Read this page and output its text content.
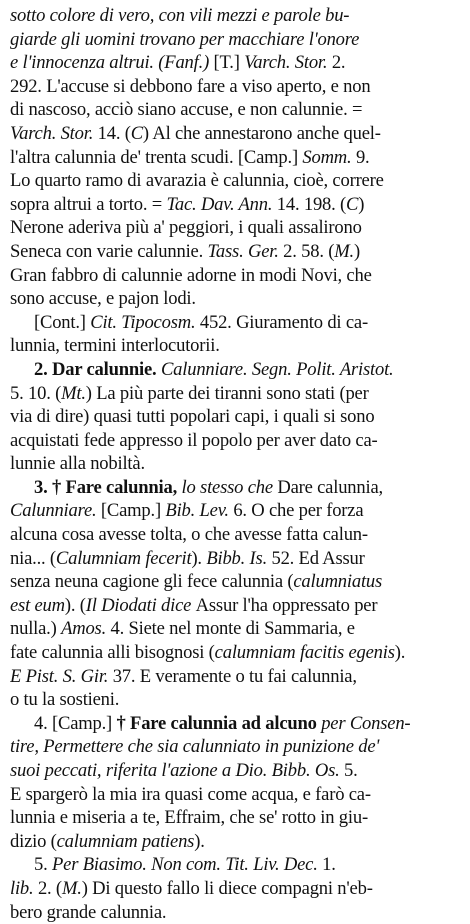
sotto colore di vero, con vili mezzi e parole bu-
giarde gli uomini trovano per macchiare l'onore
e l'innocenza altrui. (Fanf.) [T.] Varch. Stor. 2.
292. L'accuse si debbono fare a viso aperto, e non
di nascoso, acciò siano accuse, e non calunnie. =
Varch. Stor. 14. (C) Al che annestarono anche quel-
l'altra calunnia de' trenta scudi. [Camp.] Somm. 9.
Lo quarto ramo di avarazia è calunnia, cioè, correre
sopra altrui a torto. = Tac. Dav. Ann. 14. 198. (C)
Nerone aderiva più a' peggiori, i quali assalirono
Seneca con varie calunnie. Tass. Ger. 2. 58. (M.)
Gran fabbro di calunnie adorne in modi Novi, che
sono accuse, e pajon lodi.
[Cont.] Cit. Tipocosm. 452. Giuramento di ca-
lunnia, termini interlocutorii.
2. Dar calunnie. Calunniare. Segn. Polit. Aristot.
5. 10. (Mt.) La più parte dei tiranni sono stati (per
via di dire) quasi tutti popolari capi, i quali si sono
acquistati fede appresso il popolo per aver dato ca-
lunnie alla nobiltà.
3. † Fare calunnia, lo stesso che Dare calunnia,
Calunniare. [Camp.] Bib. Lev. 6. O che per forza
alcuna cosa avesse tolta, o che avesse fatta calun-
nia... (Calumniam fecerit). Bibb. Is. 52. Ed Assur
senza neuna cagione gli fece calunnia (calumniatus
est eum). (Il Diodati dice Assur l'ha oppressato per
nulla.) Amos. 4. Siete nel monte di Sammaria, e
fate calunnia alli bisognosi (calumniam facitis egenis).
E Pist. S. Gir. 37. E veramente o tu fai calunnia,
o tu la sostieni.
4. [Camp.] † Fare calunnia ad alcuno per Consen-
tire, Permettere che sia calunniato in punizione de'
suoi peccati, riferita l'azione a Dio. Bibb. Os. 5.
E spargerò la mia ira quasi come acqua, e farò ca-
lunnia e miseria a te, Effraim, che se' rotto in giu-
dizio (calumniam patiens).
5. Per Biasimo. Non com. Tit. Liv. Dec. 1.
lib. 2. (M.) Di questo fallo li diece compagni n'eb-
bero grande calunnia.
